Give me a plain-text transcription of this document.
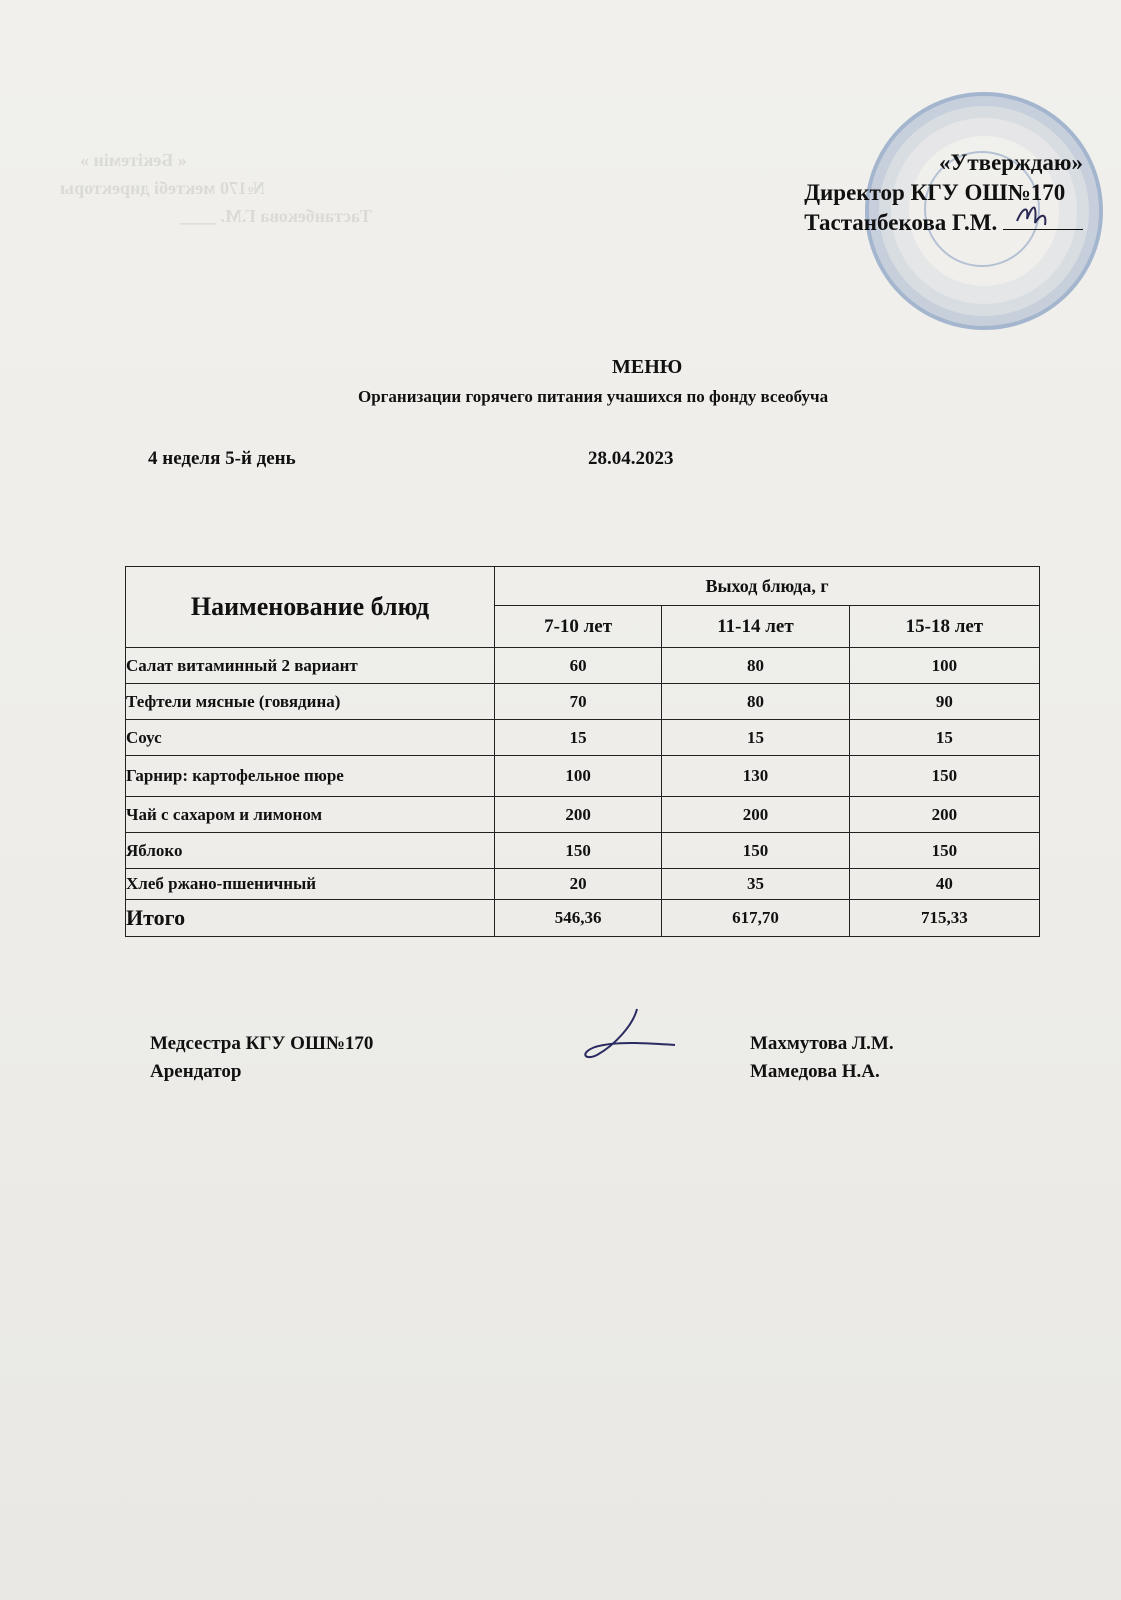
« Бекітемін »
№170 мектебі директоры
Тастанбекова Г.М. ____
«Утверждаю»
Директор КГУ ОШ№170
Тастанбекова Г.М.
МЕНЮ
Организации горячего питания учашихся по фонду всеобуча
4 неделя 5-й день	28.04.2023
Наименование блюд	Выход блюда, г		
	7-10 лет	11-14 лет	15-18 лет
Салат витаминный 2 вариант	60	80	100
Тефтели мясные (говядина)	70	80	90
Соус	15	15	15
Гарнир: картофельное пюре	100	130	150
Чай с сахаром и лимоном	200	200	200
Яблоко	150	150	150
Хлеб ржано-пшеничный	20	35	40
Итого	546,36	617,70	715,33
Медсестра КГУ ОШ№170
Арендатор
Махмутова Л.М.
Мамедова Н.А.
